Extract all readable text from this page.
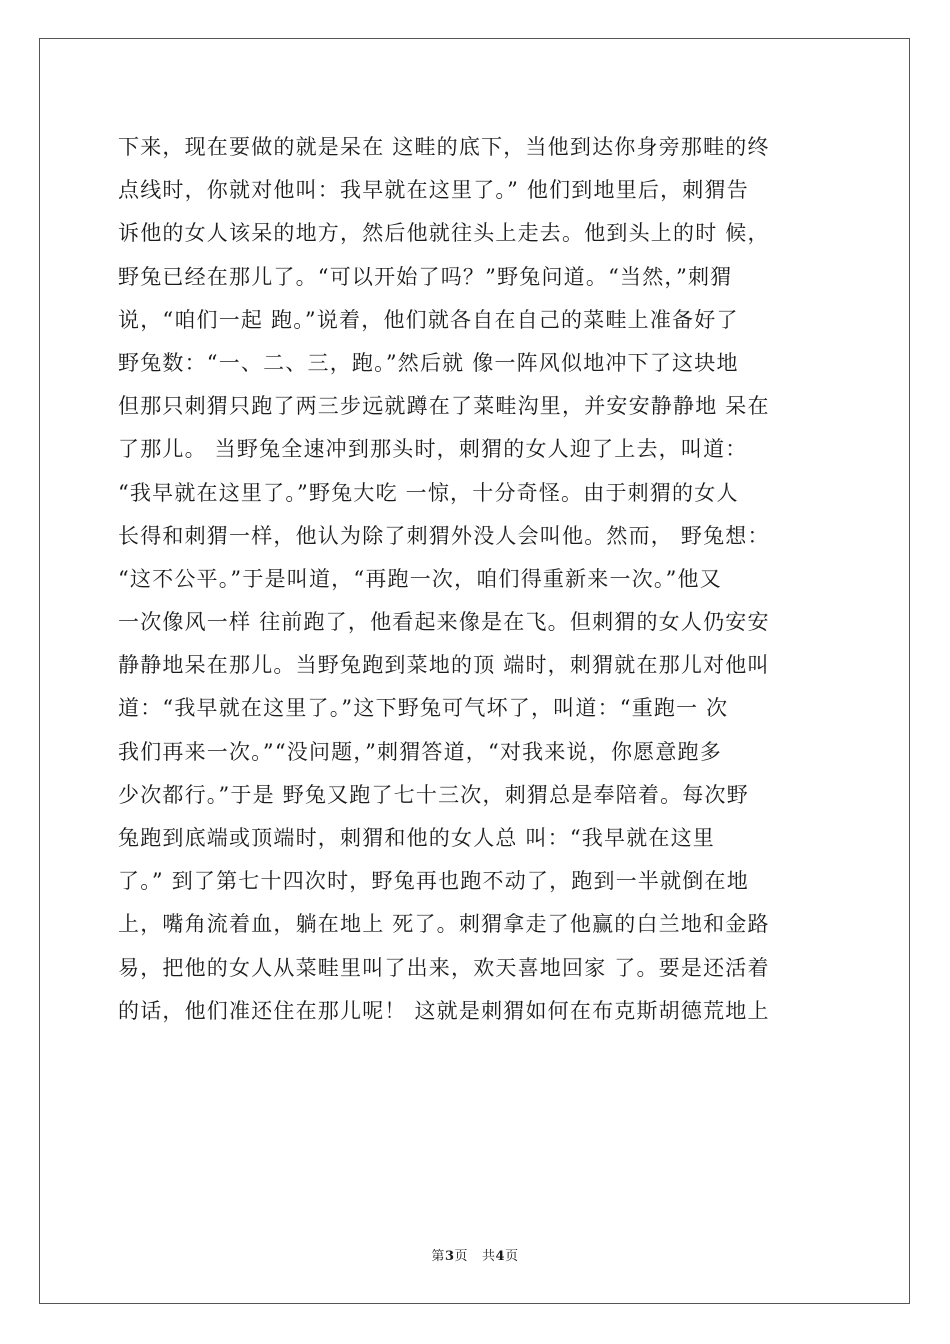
下来，现在要做的就是呆在 这畦的底下，当他到达你身旁那畦的终
点线时，你就对他叫：我早就在这里了。” 他们到地里后，刺猬告
诉他的女人该呆的地方，然后他就往头上走去。他到头上的时 候，
野兔已经在那儿了。“可以开始了吗？”野兔问道。“当然，”刺猬
说，“咱们一起 跑。”说着，他们就各自在自己的菜畦上准备好了
野兔数：“一、二、三，跑。”然后就 像一阵风似地冲下了这块地
但那只刺猬只跑了两三步远就蹲在了菜畦沟里，并安安静静地 呆在
了那儿。 当野兔全速冲到那头时，刺猬的女人迎了上去，叫道：
“我早就在这里了。”野兔大吃 一惊，十分奇怪。由于刺猬的女人
长得和刺猬一样，他认为除了刺猬外没人会叫他。然而， 野兔想：
“这不公平。”于是叫道，“再跑一次，咱们得重新来一次。”他又
一次像风一样 往前跑了，他看起来像是在飞。但刺猬的女人仍安安
静静地呆在那儿。当野兔跑到菜地的顶 端时，刺猬就在那儿对他叫
道：“我早就在这里了。”这下野兔可气坏了，叫道：“重跑一 次
我们再来一次。”“没问题，”刺猬答道，“对我来说，你愿意跑多
少次都行。”于是 野兔又跑了七十三次，刺猬总是奉陪着。每次野
兔跑到底端或顶端时，刺猬和他的女人总 叫：“我早就在这里
了。” 到了第七十四次时，野兔再也跑不动了，跑到一半就倒在地
上，嘴角流着血，躺在地上 死了。刺猬拿走了他赢的白兰地和金路
易，把他的女人从菜畦里叫了出来，欢天喜地回家 了。要是还活着
的话，他们准还住在那儿呢！ 这就是刺猬如何在布克斯胡德荒地上
第3页 共4页
